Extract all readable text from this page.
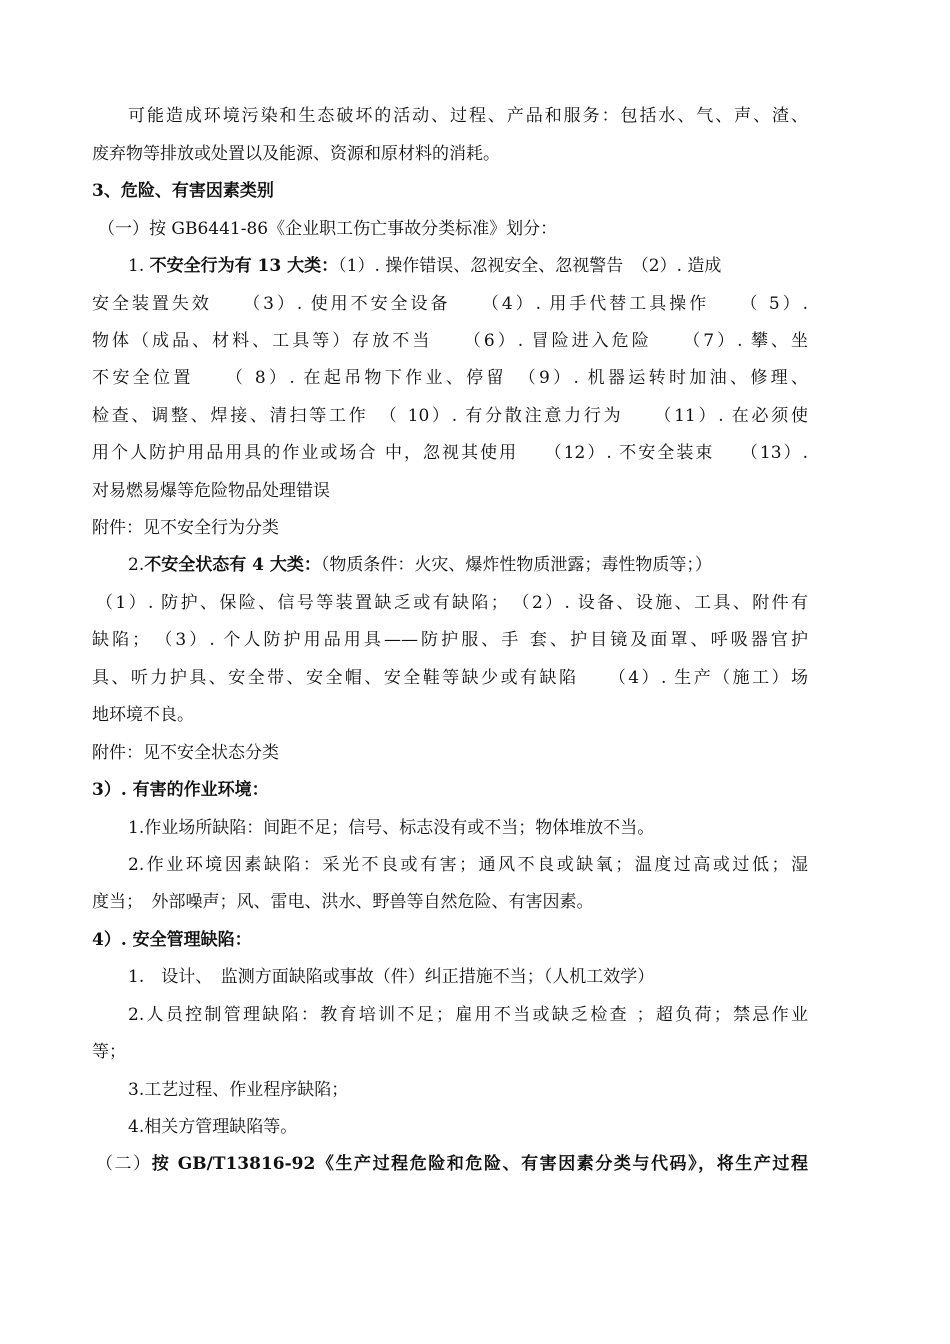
可能造成环境污染和生态破坏的活动、过程、产品和服务：包括水、气、声、渣、
废弃物等排放或处置以及能源、资源和原材料的消耗。
3、危险、有害因素类别
（一）按 GB6441-86《企业职工伤亡事故分类标准》划分：
1. 不安全行为有 13 大类：（1）. 操作错误、忽视安全、忽视警告　（2）. 造成
安全装置失效　　（3）. 使用不安全设备　　（4）. 用手代替工具操作　　（ 5）.
物体（成品、材料、工具等）存放不当　　（6）. 冒险进入危险　　（7）. 攀、坐
不安全位置　　（ 8）. 在起吊物下作业、停留　（9）. 机器运转时加油、修理、
检查、调整、焊接、清扫等工作　（ 10）. 有分散注意力行为　　（11）. 在必须使
用个人防护用品用具的作业或场合 中，忽视其使用　 （12）. 不安全装束　 （13）.
对易燃易爆等危险物品处理错误
附件：见不安全行为分类
2.不安全状态有 4 大类：（物质条件：火灾、爆炸性物质泄露；毒性物质等；）
（1）. 防护、保险、信号等装置缺乏或有缺陷；　（2）. 设备、设施、工具、附件有
缺陷；　（3）. 个人防护用品用具——防护服、手 套、护目镜及面罩、呼吸器官护
具、听力护具、安全带、安全帽、安全鞋等缺少或有缺陷　　（4）. 生产（施工）场
地环境不良。
附件：见不安全状态分类
3）. 有害的作业环境：
1.作业场所缺陷：间距不足；信号、标志没有或不当；物体堆放不当。
2.作业环境因素缺陷：采光不良或有害；通风不良或缺氧；温度过高或过低；湿
度当；　外部噪声；风、雷电、洪水、野兽等自然危险、有害因素。
4）. 安全管理缺陷：
1.　设计、　监测方面缺陷或事故（件）纠正措施不当；（人机工效学）
2.人员控制管理缺陷：教育培训不足；雇用不当或缺乏检查 ；超负荷；禁忌作业
等；
3.工艺过程、作业程序缺陷；
4.相关方管理缺陷等。
（二）按 GB/T13816-92《生产过程危险和危险、有害因素分类与代码》，将生产过程
